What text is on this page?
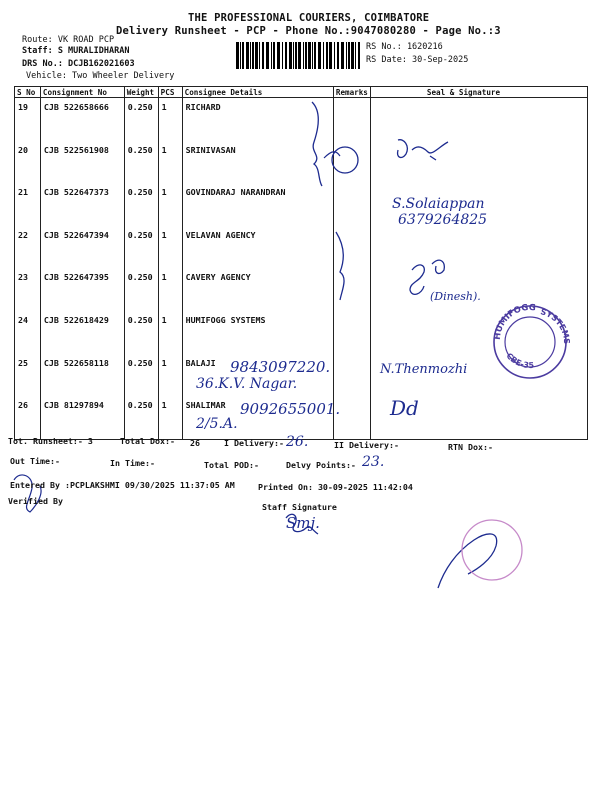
THE PROFESSIONAL COURIERS, COIMBATORE
Delivery Runsheet - PCP - Phone No.:9047080280 - Page No.:3
Route: VK ROAD PCP
Staff: S MURALIDHARAN
DRS No.: DCJB162021603
Vehicle: Two Wheeler Delivery
RS No.: 1620216
RS Date: 30-Sep-2025
S No	Consignment No	Weight	PCS	Consignee Details	Remarks	Seal & Signature
19	CJB 522658666	0.250	1	RICHARD		
20	CJB 522561908	0.250	1	SRINIVASAN		
21	CJB 522647373	0.250	1	GOVINDARAJ NARANDRAN		
22	CJB 522647394	0.250	1	VELAVAN AGENCY		
23	CJB 522647395	0.250	1	CAVERY AGENCY		
24	CJB 522618429	0.250	1	HUMIFOGG SYSTEMS		
25	CJB 522658118	0.250	1	BALAJI		
26	CJB 81297894	0.250	1	SHALIMAR		
HUMIFOGG SYSTEMS
CBE-35
S.Solaiappan
6379264825
(Dinesh).
N.Thenmozhi
9843097220.
36.K.V. Nagar.
9092655001.
2/5.A.
Dd
26.
23.
Tot. Runsheet:- 3	Total Dox:- 26	I Delivery:-	II Delivery:-	RTN Dox:-
Out Time:-	In Time:-	Total POD:-	Delvy Points:-
Entered By :PCPLAKSHMI 09/30/2025 11:37:05 AM	Printed On: 30-09-2025 11:42:04
Verified By
Staff Signature
Smj.
